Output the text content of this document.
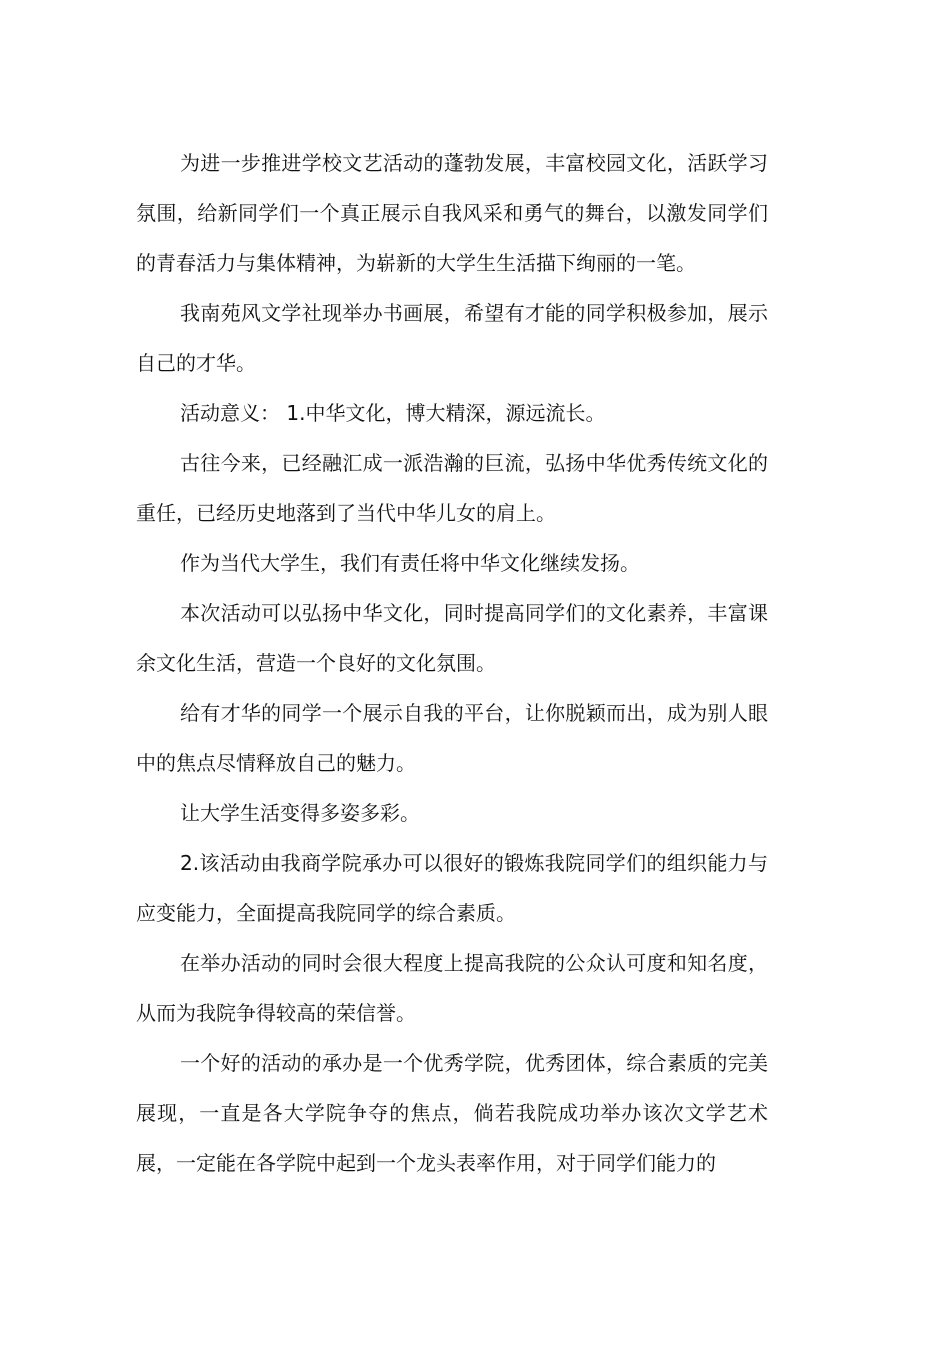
为进一步推进学校文艺活动的蓬勃发展，丰富校园文化，活跃学习氛围，给新同学们一个真正展示自我风采和勇气的舞台，以激发同学们的青春活力与集体精神，为崭新的大学生生活描下绚丽的一笔。

我南苑风文学社现举办书画展，希望有才能的同学积极参加，展示自己的才华。

活动意义： 1.中华文化，博大精深，源远流长。

古往今来，已经融汇成一派浩瀚的巨流，弘扬中华优秀传统文化的重任，已经历史地落到了当代中华儿女的肩上。

作为当代大学生，我们有责任将中华文化继续发扬。

本次活动可以弘扬中华文化，同时提高同学们的文化素养，丰富课余文化生活，营造一个良好的文化氛围。

给有才华的同学一个展示自我的平台，让你脱颖而出，成为别人眼中的焦点尽情释放自己的魅力。

让大学生活变得多姿多彩。

2.该活动由我商学院承办可以很好的锻炼我院同学们的组织能力与应变能力，全面提高我院同学的综合素质。

在举办活动的同时会很大程度上提高我院的公众认可度和知名度，从而为我院争得较高的荣信誉。

一个好的活动的承办是一个优秀学院，优秀团体，综合素质的完美展现，一直是各大学院争夺的焦点，倘若我院成功举办该次文学艺术展，一定能在各学院中起到一个龙头表率作用，对于同学们能力的
